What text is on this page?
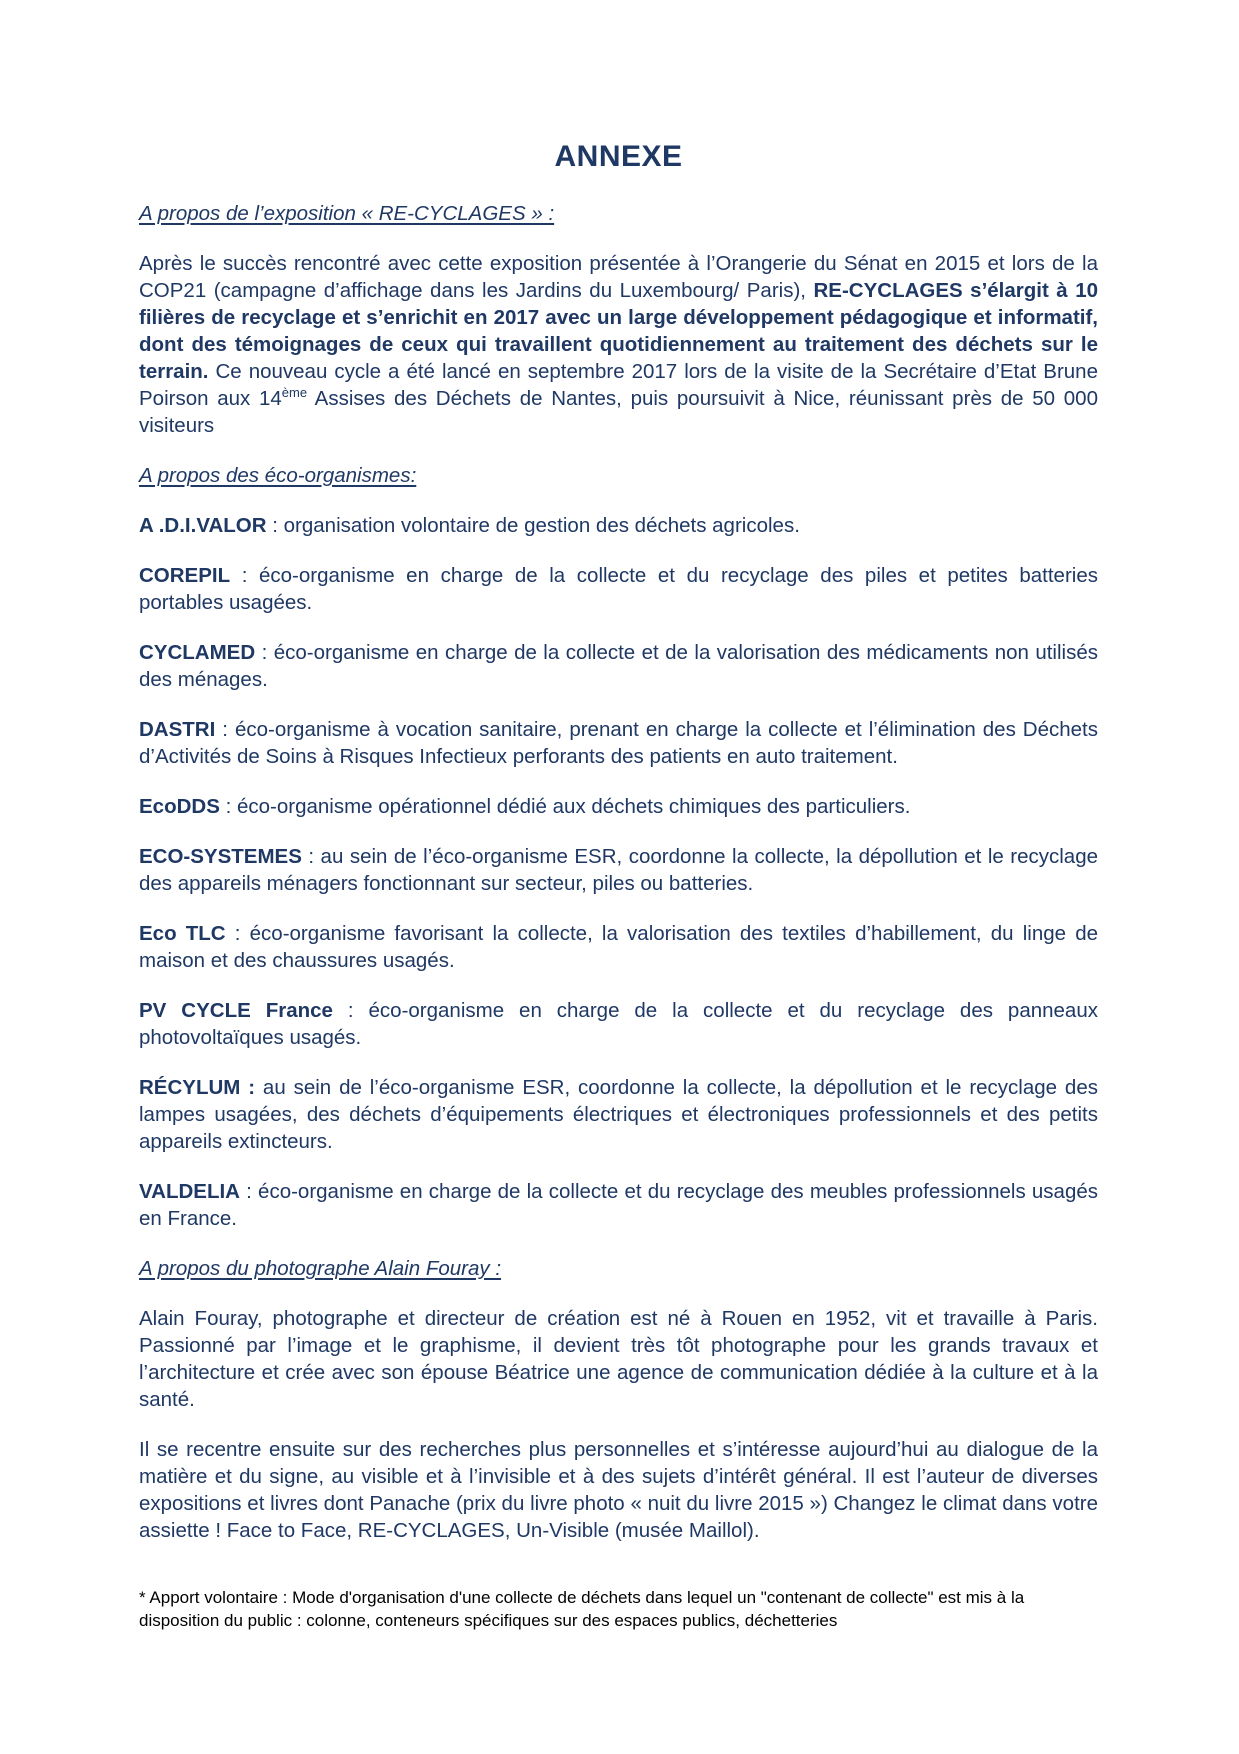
ANNEXE
A propos de l’exposition « RE-CYCLAGES » :

Après le succès rencontré avec cette exposition présentée à l’Orangerie du Sénat en 2015 et lors de la COP21 (campagne d’affichage dans les Jardins du Luxembourg/ Paris), RE-CYCLAGES s’élargit à 10 filières de recyclage et s’enrichit en 2017 avec un large développement pédagogique et informatif, dont des témoignages de ceux qui travaillent quotidiennement au traitement des déchets sur le terrain. Ce nouveau cycle a été lancé en septembre 2017 lors de la visite de la Secrétaire d’Etat Brune Poirson aux 14ème Assises des Déchets de Nantes, puis poursuivit à Nice, réunissant près de 50 000 visiteurs

A propos des éco-organismes:

A .D.I.VALOR : organisation volontaire de gestion des déchets agricoles.

COREPIL : éco-organisme en charge de la collecte et du recyclage des piles et petites batteries portables usagées.

CYCLAMED : éco-organisme en charge de la collecte et de la valorisation des médicaments non utilisés des ménages.

DASTRI : éco-organisme à vocation sanitaire, prenant en charge la collecte et l’élimination des Déchets d’Activités de Soins à Risques Infectieux perforants des patients en auto traitement.

EcoDDS : éco-organisme opérationnel dédié aux déchets chimiques des particuliers.

ECO-SYSTEMES : au sein de l’éco-organisme ESR, coordonne la collecte, la dépollution et le recyclage des appareils ménagers fonctionnant sur secteur, piles ou batteries.

Eco TLC : éco-organisme favorisant la collecte, la valorisation des textiles d’habillement, du linge de maison et des chaussures usagés.

PV CYCLE France : éco-organisme en charge de la collecte et du recyclage des panneaux photovoltaïques usagés.

RÉCYLUM : au sein de l’éco-organisme ESR, coordonne la collecte, la dépollution et le recyclage des lampes usagées, des déchets d’équipements électriques et électroniques professionnels et des petits appareils extincteurs.

VALDELIA : éco-organisme en charge de la collecte et du recyclage des meubles professionnels usagés en France.

A propos du photographe Alain Fouray :

Alain Fouray, photographe et directeur de création est né à Rouen en 1952, vit et travaille à Paris. Passionné par l’image et le graphisme, il devient très tôt photographe pour les grands travaux et l’architecture et crée avec son épouse Béatrice une agence de communication dédiée à la culture et à la santé.

Il se recentre ensuite sur des recherches plus personnelles et s’intéresse aujourd’hui au dialogue de la matière et du signe, au visible et à l’invisible et à des sujets d’intérêt général. Il est l’auteur de diverses expositions et livres dont Panache (prix du livre photo « nuit du livre 2015 ») Changez le climat dans votre assiette ! Face to Face, RE-CYCLAGES, Un-Visible (musée Maillol).

* Apport volontaire : Mode d'organisation d'une collecte de déchets dans lequel un "contenant de collecte" est mis à la disposition du public : colonne, conteneurs spécifiques sur des espaces publics, déchetteries
